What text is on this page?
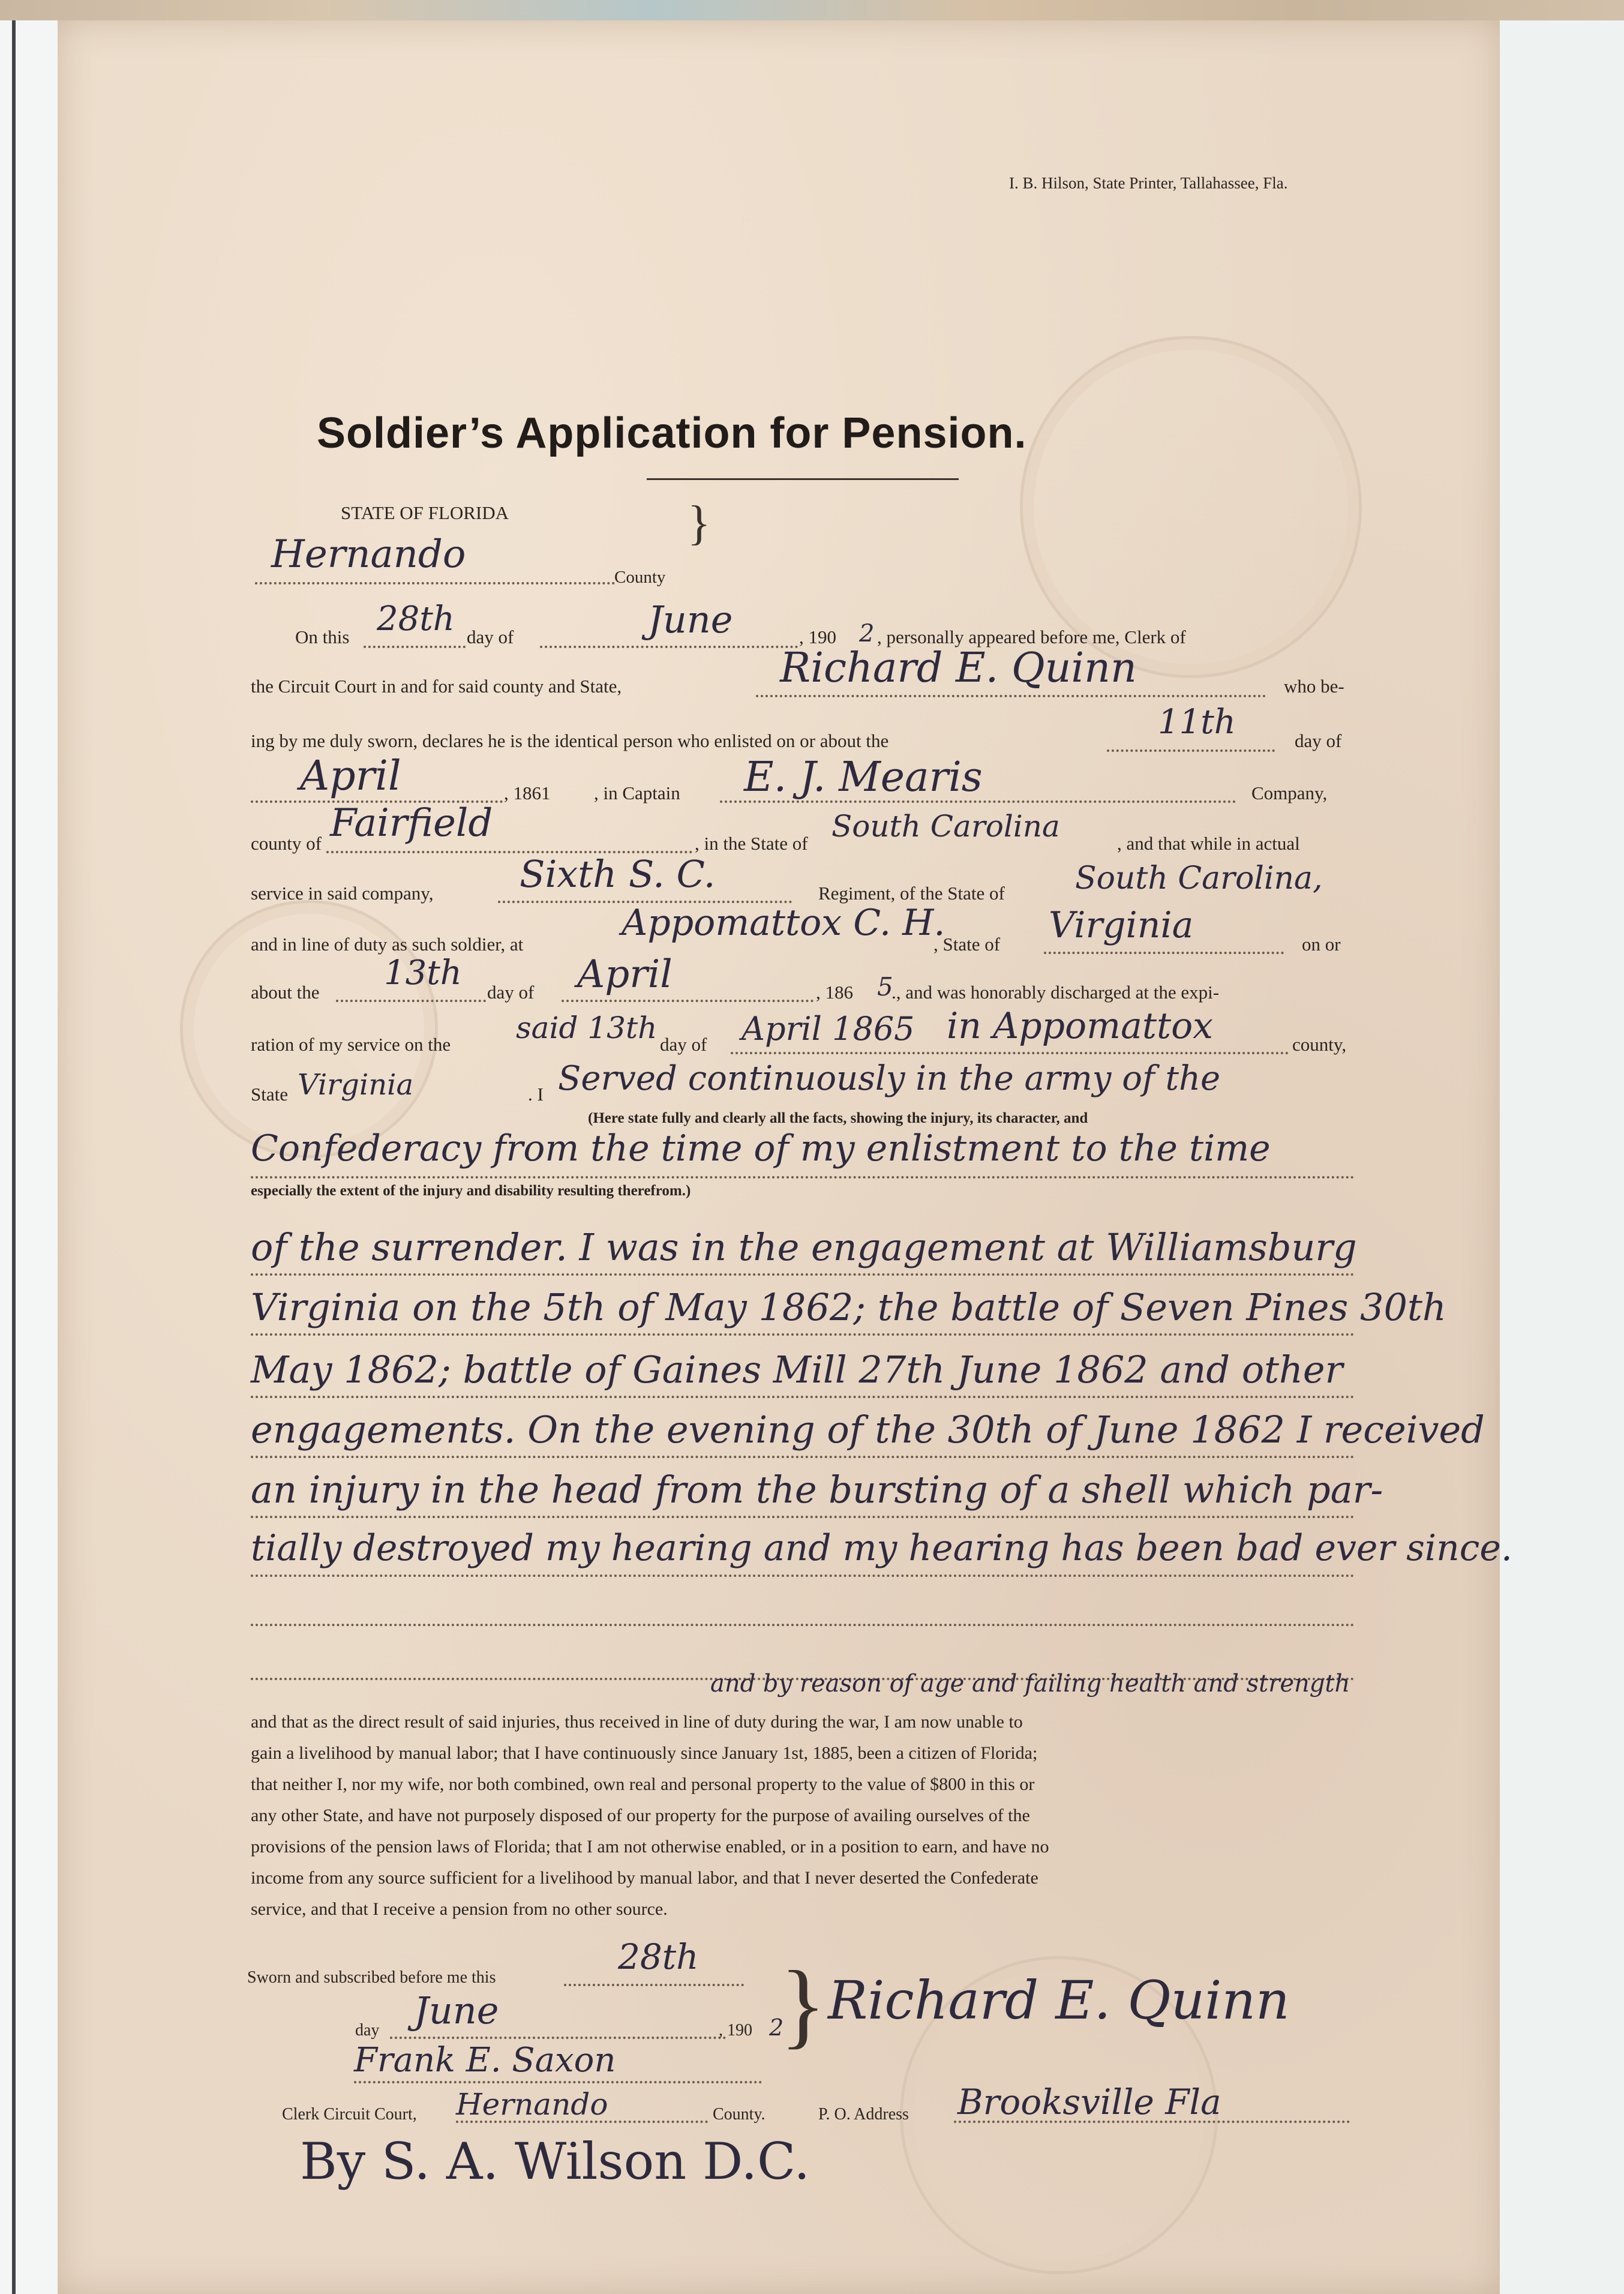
I. B. Hilson, State Printer, Tallahassee, Fla.
Soldier’s Application for Pension.
STATE OF FLORIDA	}
Hernando
County
On this 28th day of	June	, 190 2 , personally appeared before me, Clerk of
the Circuit Court in and for said county and State,	Richard E. Quinn	who be-
ing by me duly sworn, declares he is the identical person who enlisted on or about the	11th	day of
April	, 1861 , in Captain E. J. Mearis	Company,
county of Fairfield	, in the State of South Carolina	, and that while in actual
service in said company, Sixth S. C.	Regiment, of the State of South Carolina,
and in line of duty as such soldier, at
Appomattox C. H.
, State of Virginia	on or
about the 13th day of April	, 186 5
., and was honorably discharged at the expi-
ration of my service on the said 13th day of April 1865 in Appomattox	county,
State Virginia	. I Served continuously in the army of the
(Here state fully and clearly all the facts, showing the injury, its character, and
Confederacy from the time of my enlistment to the time
especially the extent of the injury and disability resulting therefrom.)
of the surrender. I was in the engagement at Williamsburg
Virginia on the 5th of May 1862; the battle of Seven Pines 30th
May 1862; battle of Gaines Mill 27th June 1862 and other
engagements. On the evening of the 30th of June 1862 I received
an injury in the head from the bursting of a shell which par-
tially destroyed my hearing and my hearing has been bad ever since.
and by reason of age and failing health and strength
and that as the direct result of said injuries, thus received in line of duty during the war, I am now unable to
gain a livelihood by manual labor; that I have continuously since January 1st, 1885, been a citizen of Florida;
that neither I, nor my wife, nor both combined, own real and personal property to the value of $800 in this or
any other State, and have not purposely disposed of our property for the purpose of availing ourselves of the
provisions of the pension laws of Florida; that I am not otherwise enabled, or in a position to earn, and have no
income from any source sufficient for a livelihood by manual labor, and that I never deserted the Confederate
service, and that I receive a pension from no other source.
Sworn and subscribed before me this
28th }
day June	, 190 2 Richard E. Quinn
Frank E. Saxon
Clerk Circuit Court, Hernando	County.	P. O. Address Brooksville Fla
By S. A. Wilson D.C.
